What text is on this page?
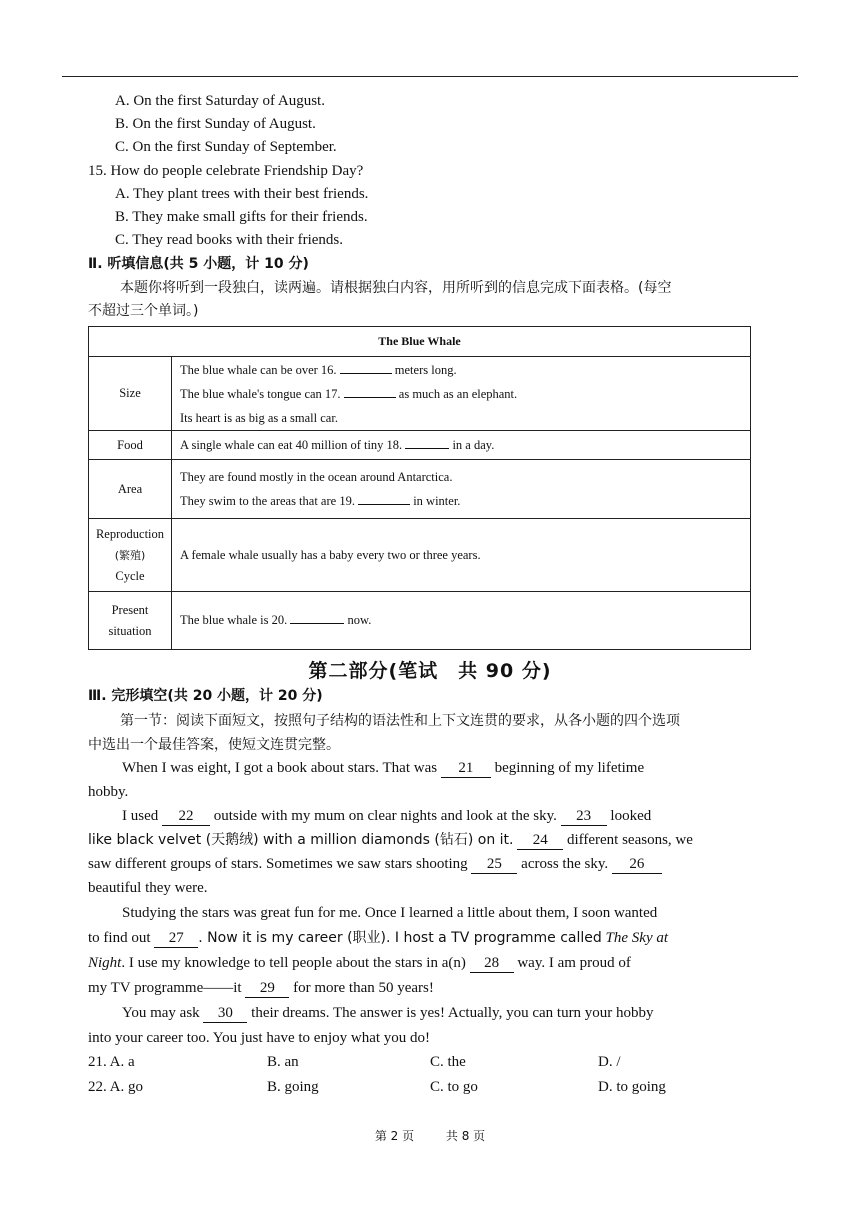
A. On the first Saturday of August.
B. On the first Sunday of August.
C. On the first Sunday of September.
15. How do people celebrate Friendship Day?
A. They plant trees with their best friends.
B. They make small gifts for their friends.
C. They read books with their friends.
Ⅱ. 听填信息(共 5 小题，计 10 分)
本题你将听到一段独白，读两遍。请根据独白内容，用所听到的信息完成下面表格。(每空
不超过三个单词。)
The Blue Whale	
Size	The blue whale can be over 16. meters long.
The blue whale's tongue can 17. as much as an elephant.
Its heart is as big as a small car.

Food	A single whale can eat 40 million of tiny 18. in a day.
Area	They are found mostly in the ocean around Antarctica.
They swim to the areas that are 19. in winter.

Reproduction
(繁殖)
Cycle	A female whale usually has a baby every two or three years.

Present
situation	The blue whale is 20. now.
第二部分(笔试　共 90 分)
Ⅲ. 完形填空(共 20 小题，计 20 分)
第一节：阅读下面短文，按照句子结构的语法性和上下文连贯的要求，从各小题的四个选项
中选出一个最佳答案，使短文连贯完整。
When I was eight, I got a book about stars. That was 21 beginning of my lifetime
hobby.
I used 22 outside with my mum on clear nights and look at the sky. 23 looked
like black velvet (天鹅绒) with a million diamonds (钻石) on it. 24 different seasons, we
saw different groups of stars. Sometimes we saw stars shooting 25 across the sky. 26
beautiful they were.
Studying the stars was great fun for me. Once I learned a little about them, I soon wanted
to find out 27 . Now it is my career (职业). I host a TV programme called The Sky at
Night. I use my knowledge to tell people about the stars in a(n) 28 way. I am proud of
my TV programme——it 29 for more than 50 years!
You may ask 30 their dreams. The answer is yes! Actually, you can turn your hobby
into your career too. You just have to enjoy what you do!
21. A. a	B. an	C. the	D. /
22. A. go	B. going	C. to go	D. to going
第 2 页	共 8 页
